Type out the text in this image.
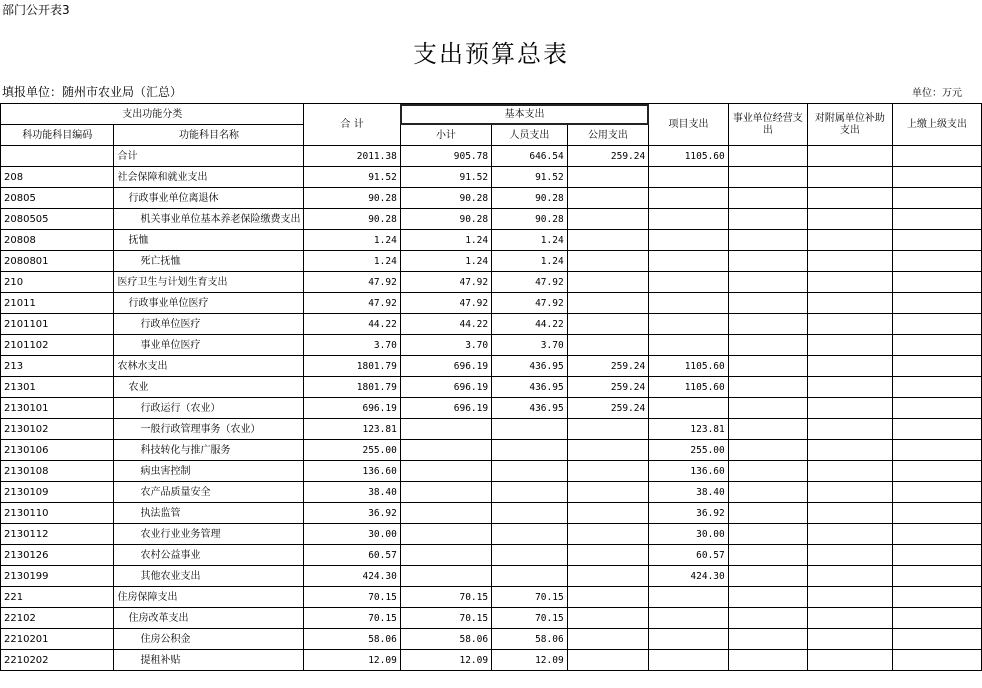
部门公开表3
支出预算总表
填报单位：随州市农业局（汇总）	单位：万元
支出功能分类		合 计	基本支出			项目支出	事业单位经营支出	对附属单位补助支出	上缴上级支出
科功能科目编码	功能科目名称		小计	人员支出	公用支出				
	合计	2011.38	905.78	646.54	259.24	1105.60			
208	社会保障和就业支出	91.52	91.52	91.52					
20805	行政事业单位离退休	90.28	90.28	90.28					
2080505	机关事业单位基本养老保险缴费支出	90.28	90.28	90.28					
20808	抚恤	1.24	1.24	1.24					
2080801	死亡抚恤	1.24	1.24	1.24					
210	医疗卫生与计划生育支出	47.92	47.92	47.92					
21011	行政事业单位医疗	47.92	47.92	47.92					
2101101	行政单位医疗	44.22	44.22	44.22					
2101102	事业单位医疗	3.70	3.70	3.70					
213	农林水支出	1801.79	696.19	436.95	259.24	1105.60			
21301	农业	1801.79	696.19	436.95	259.24	1105.60			
2130101	行政运行（农业）	696.19	696.19	436.95	259.24				
2130102	一般行政管理事务（农业）	123.81				123.81			
2130106	科技转化与推广服务	255.00				255.00			
2130108	病虫害控制	136.60				136.60			
2130109	农产品质量安全	38.40				38.40			
2130110	执法监管	36.92				36.92			
2130112	农业行业业务管理	30.00				30.00			
2130126	农村公益事业	60.57				60.57			
2130199	其他农业支出	424.30				424.30			
221	住房保障支出	70.15	70.15	70.15					
22102	住房改革支出	70.15	70.15	70.15					
2210201	住房公积金	58.06	58.06	58.06					
2210202	提租补贴	12.09	12.09	12.09					
